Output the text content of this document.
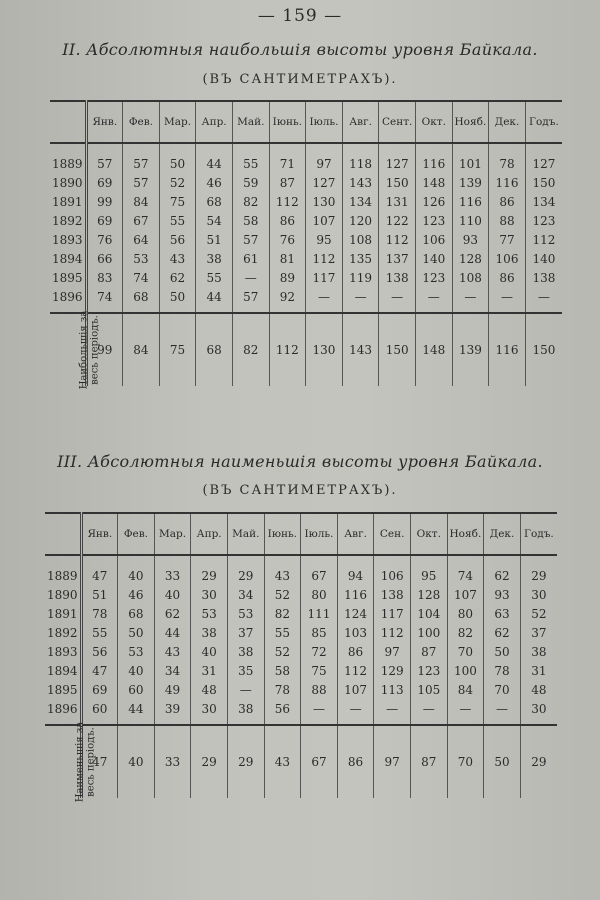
— 159 —
II. Абсолютныя наибольшія высоты уровня Байкала.
(ВЪ САНТИМЕТРАХЪ).
	Янв.	Фев.	Мар.	Апр.	Май.	Іюнь.	Іюль.	Авг.	Сент.	Окт.	Нояб.	Дек.	Годъ.
1889	57	57	50	44	55	71	97	118	127	116	101	78	127
1890	69	57	52	46	59	87	127	143	150	148	139	116	150
1891	99	84	75	68	82	112	130	134	131	126	116	86	134
1892	69	67	55	54	58	86	107	120	122	123	110	88	123
1893	76	64	56	51	57	76	95	108	112	106	93	77	112
1894	66	53	43	38	61	81	112	135	137	140	128	106	140
1895	83	74	62	55	—	89	117	119	138	123	108	86	138
1896	74	68	50	44	57	92	—	—	—	—	—	—	—
Наибольшія за
весь періодъ.	99	84	75	68	82	112	130	143	150	148	139	116	150
III. Абсолютныя наименьшія высоты уровня Байкала.
(ВЪ САНТИМЕТРАХЪ).
	Янв.	Фев.	Мар.	Апр.	Май.	Іюнь.	Іюль.	Авг.	Сен.	Окт.	Нояб.	Дек.	Годъ.
1889	47	40	33	29	29	43	67	94	106	95	74	62	29
1890	51	46	40	30	34	52	80	116	138	128	107	93	30
1891	78	68	62	53	53	82	111	124	117	104	80	63	52
1892	55	50	44	38	37	55	85	103	112	100	82	62	37
1893	56	53	43	40	38	52	72	86	97	87	70	50	38
1894	47	40	34	31	35	58	75	112	129	123	100	78	31
1895	69	60	49	48	—	78	88	107	113	105	84	70	48
1896	60	44	39	30	38	56	—	—	—	—	—	—	30
Наименьшія за
весь періодъ.	47	40	33	29	29	43	67	86	97	87	70	50	29
